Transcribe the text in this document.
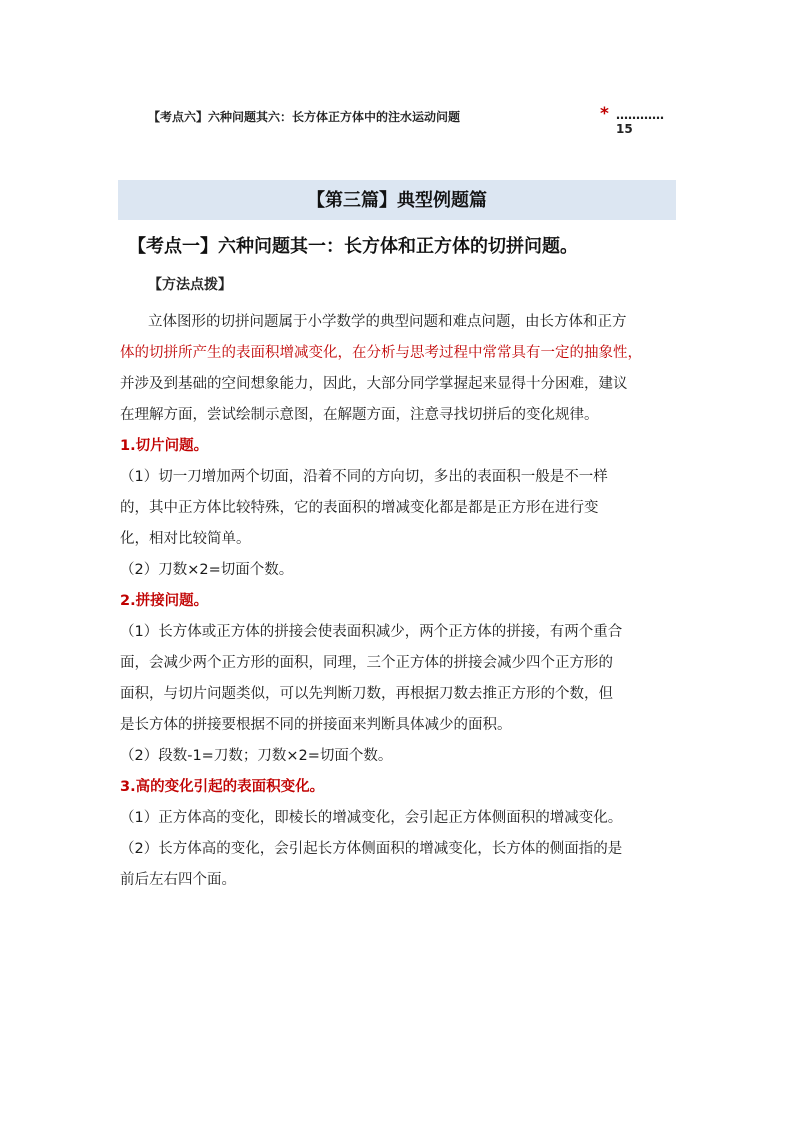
【考点六】六种问题其六：长方体正方体中的注水运动问题	* …………15
【第三篇】典型例题篇
【考点一】六种问题其一：长方体和正方体的切拼问题。
【方法点拨】
立体图形的切拼问题属于小学数学的典型问题和难点问题，由长方体和正方
体的切拼所产生的表面积增减变化，在分析与思考过程中常常具有一定的抽象性，
并涉及到基础的空间想象能力，因此，大部分同学掌握起来显得十分困难，建议
在理解方面，尝试绘制示意图，在解题方面，注意寻找切拼后的变化规律。
1.切片问题。
（1）切一刀增加两个切面，沿着不同的方向切，多出的表面积一般是不一样
的，其中正方体比较特殊，它的表面积的增减变化都是都是正方形在进行变
化，相对比较简单。
（2）刀数×2=切面个数。
2.拼接问题。
（1）长方体或正方体的拼接会使表面积减少，两个正方体的拼接，有两个重合
面，会减少两个正方形的面积，同理，三个正方体的拼接会减少四个正方形的
面积，与切片问题类似，可以先判断刀数，再根据刀数去推正方形的个数，但
是长方体的拼接要根据不同的拼接面来判断具体减少的面积。
（2）段数-1=刀数；刀数×2=切面个数。
3.高的变化引起的表面积变化。
（1）正方体高的变化，即棱长的增减变化，会引起正方体侧面积的增减变化。
（2）长方体高的变化，会引起长方体侧面积的增减变化，长方体的侧面指的是
前后左右四个面。
